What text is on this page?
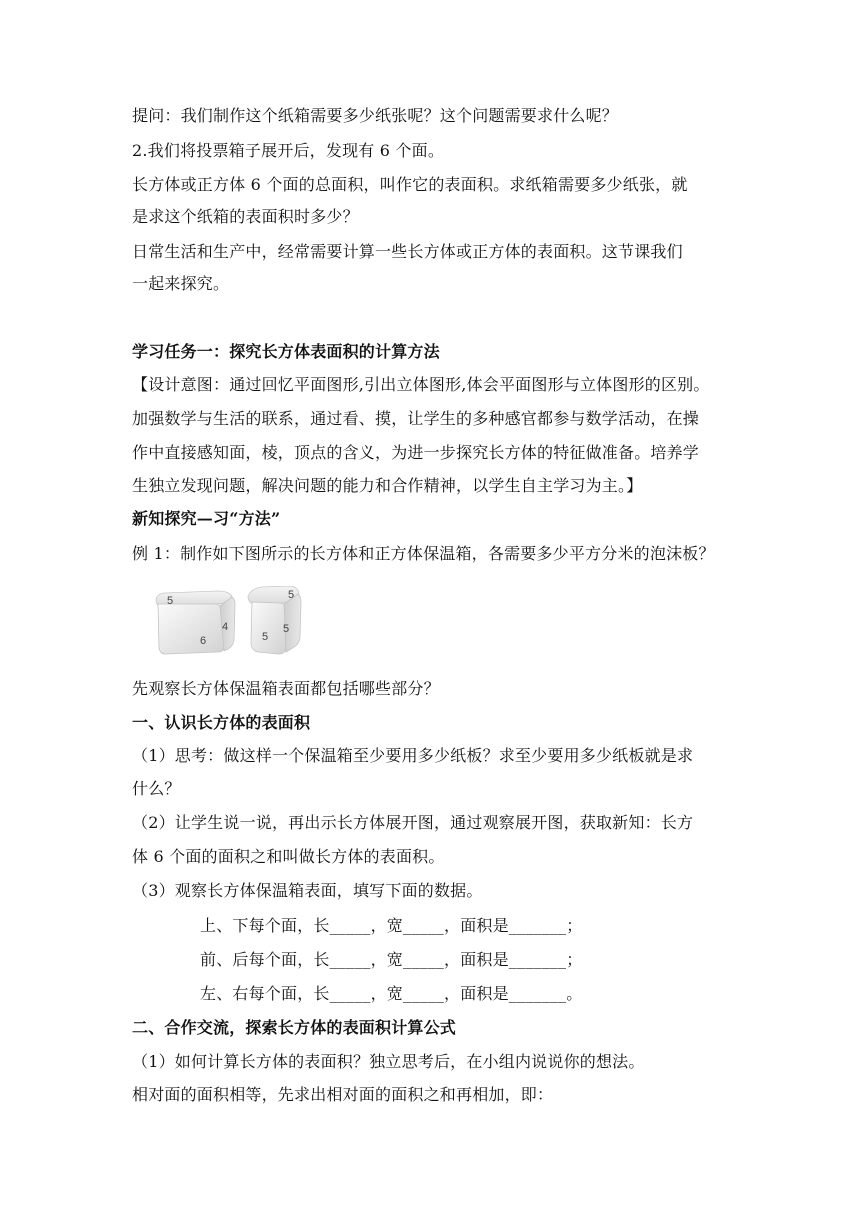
提问：我们制作这个纸箱需要多少纸张呢？这个问题需要求什么呢？
2.我们将投票箱子展开后，发现有 6 个面。
长方体或正方体 6 个面的总面积，叫作它的表面积。求纸箱需要多少纸张，就
是求这个纸箱的表面积时多少？
日常生活和生产中，经常需要计算一些长方体或正方体的表面积。这节课我们
一起来探究。
学习任务一：探究长方体表面积的计算方法
【设计意图：通过回忆平面图形,引出立体图形,体会平面图形与立体图形的区别。
加强数学与生活的联系，通过看、摸，让学生的多种感官都参与数学活动，在操
作中直接感知面，棱，顶点的含义，为进一步探究长方体的特征做准备。培养学
生独立发现问题，解决问题的能力和合作精神，以学生自主学习为主。】
新知探究—习“方法”
例 1：制作如下图所示的长方体和正方体保温箱，各需要多少平方分米的泡沫板？
5
4
6
5
5
5
先观察长方体保温箱表面都包括哪些部分？
一、认识长方体的表面积
（1）思考：做这样一个保温箱至少要用多少纸板？求至少要用多少纸板就是求
什么？
（2）让学生说一说，再出示长方体展开图，通过观察展开图，获取新知：长方
体 6 个面的面积之和叫做长方体的表面积。
（3）观察长方体保温箱表面，填写下面的数据。
上、下每个面，长_____，宽_____，面积是_______；
前、后每个面，长_____，宽_____，面积是_______；
左、右每个面，长_____，宽_____，面积是_______。
二、合作交流，探索长方体的表面积计算公式
（1）如何计算长方体的表面积？独立思考后，在小组内说说你的想法。
相对面的面积相等，先求出相对面的面积之和再相加，即：
